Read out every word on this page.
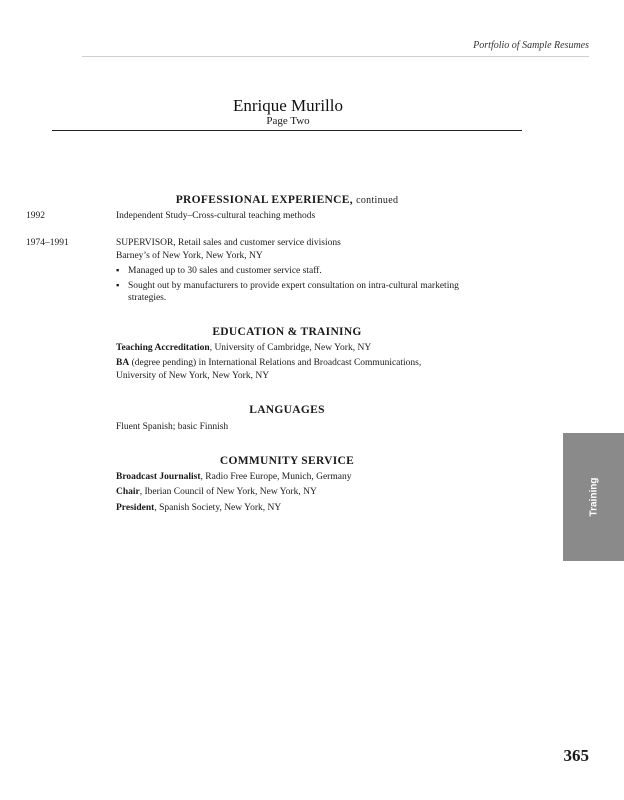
Portfolio of Sample Resumes
Enrique Murillo
Page Two
PROFESSIONAL EXPERIENCE, continued
1992	Independent Study–Cross-cultural teaching methods
1974–1991	SUPERVISOR, Retail sales and customer service divisions
Barney’s of New York, New York, NY
▪ Managed up to 30 sales and customer service staff.
▪ Sought out by manufacturers to provide expert consultation on intra-cultural marketing
strategies.
EDUCATION & TRAINING
Teaching Accreditation, University of Cambridge, New York, NY
BA (degree pending) in International Relations and Broadcast Communications,
University of New York, New York, NY
LANGUAGES
Fluent Spanish; basic Finnish
COMMUNITY SERVICE
Broadcast Journalist, Radio Free Europe, Munich, Germany
Chair, Iberian Council of New York, New York, NY
President, Spanish Society, New York, NY	Training
365
